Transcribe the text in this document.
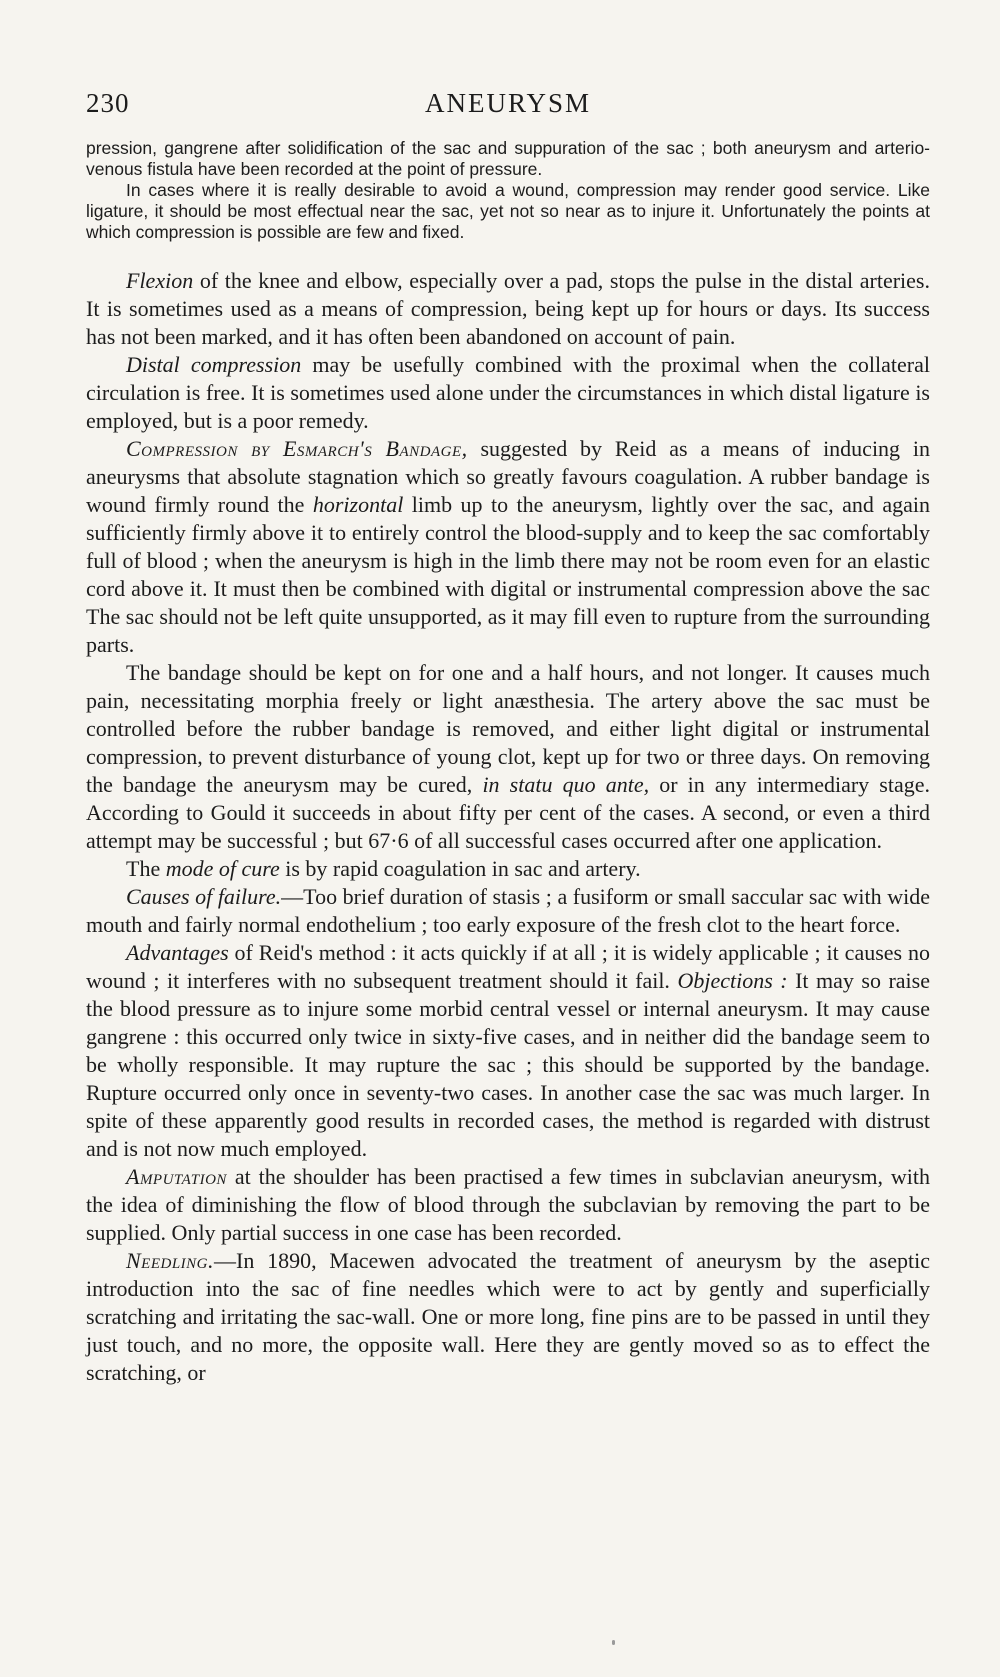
230	ANEURYSM

pression, gangrene after solidification of the sac and suppuration of the sac ; both aneurysm and arterio-venous fistula have been recorded at the point of pressure.

In cases where it is really desirable to avoid a wound, compression may render good service. Like ligature, it should be most effectual near the sac, yet not so near as to injure it. Unfortunately the points at which compression is possible are few and fixed.

Flexion of the knee and elbow, especially over a pad, stops the pulse in the distal arteries. It is sometimes used as a means of compression, being kept up for hours or days. Its success has not been marked, and it has often been abandoned on account of pain.

Distal compression may be usefully combined with the proximal when the collateral circulation is free. It is sometimes used alone under the circumstances in which distal ligature is employed, but is a poor remedy.

Compression by Esmarch's Bandage, suggested by Reid as a means of inducing in aneurysms that absolute stagnation which so greatly favours coagulation. A rubber bandage is wound firmly round the horizontal limb up to the aneurysm, lightly over the sac, and again sufficiently firmly above it to entirely control the blood-supply and to keep the sac comfortably full of blood ; when the aneurysm is high in the limb there may not be room even for an elastic cord above it. It must then be combined with digital or instrumental compression above the sac The sac should not be left quite unsupported, as it may fill even to rupture from the surrounding parts.

The bandage should be kept on for one and a half hours, and not longer. It causes much pain, necessitating morphia freely or light anæsthesia. The artery above the sac must be controlled before the rubber bandage is removed, and either light digital or instrumental compression, to prevent disturbance of young clot, kept up for two or three days. On removing the bandage the aneurysm may be cured, in statu quo ante, or in any intermediary stage. According to Gould it succeeds in about fifty per cent of the cases. A second, or even a third attempt may be successful ; but 67·6 of all successful cases occurred after one application.

The mode of cure is by rapid coagulation in sac and artery.

Causes of failure.—Too brief duration of stasis ; a fusiform or small saccular sac with wide mouth and fairly normal endothelium ; too early exposure of the fresh clot to the heart force.

Advantages of Reid's method : it acts quickly if at all ; it is widely applicable ; it causes no wound ; it interferes with no subsequent treatment should it fail. Objections : It may so raise the blood pressure as to injure some morbid central vessel or internal aneurysm. It may cause gangrene : this occurred only twice in sixty-five cases, and in neither did the bandage seem to be wholly responsible. It may rupture the sac ; this should be supported by the bandage. Rupture occurred only once in seventy-two cases. In another case the sac was much larger. In spite of these apparently good results in recorded cases, the method is regarded with distrust and is not now much employed.

Amputation at the shoulder has been practised a few times in subclavian aneurysm, with the idea of diminishing the flow of blood through the subclavian by removing the part to be supplied. Only partial success in one case has been recorded.

Needling.—In 1890, Macewen advocated the treatment of aneurysm by the aseptic introduction into the sac of fine needles which were to act by gently and superficially scratching and irritating the sac-wall. One or more long, fine pins are to be passed in until they just touch, and no more, the opposite wall. Here they are gently moved so as to effect the scratching, or
